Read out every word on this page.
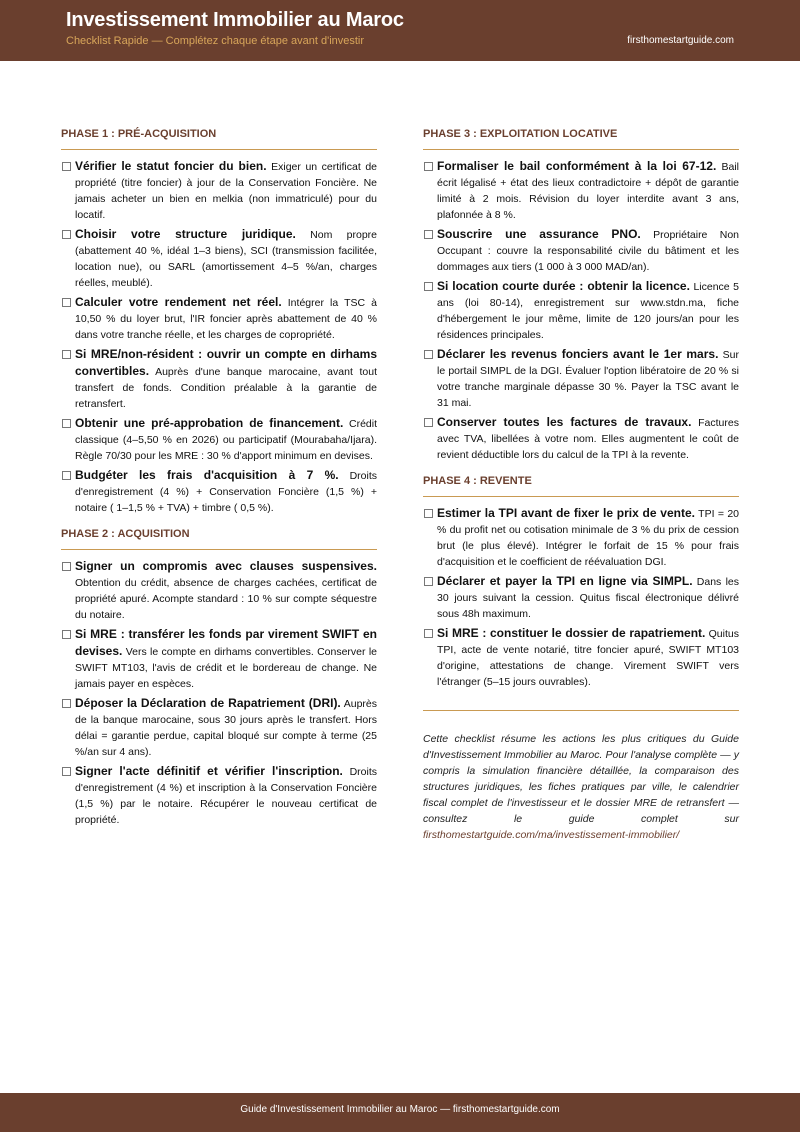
Investissement Immobilier au Maroc
Checklist Rapide — Complétez chaque étape avant d'investir	firsthomestartguide.com
PHASE 1 : PRÉ-ACQUISITION
Vérifier le statut foncier du bien. Exiger un certificat de propriété (titre foncier) à jour de la Conservation Foncière. Ne jamais acheter un bien en melkia (non immatriculé) pour du locatif.
Choisir votre structure juridique. Nom propre (abattement 40 %, idéal 1–3 biens), SCI (transmission facilitée, location nue), ou SARL (amortissement 4–5 %/an, charges réelles, meublé).
Calculer votre rendement net réel. Intégrer la TSC à 10,50 % du loyer brut, l'IR foncier après abattement de 40 % dans votre tranche réelle, et les charges de copropriété.
Si MRE/non-résident : ouvrir un compte en dirhams convertibles. Auprès d'une banque marocaine, avant tout transfert de fonds. Condition préalable à la garantie de retransfert.
Obtenir une pré-approbation de financement. Crédit classique (4–5,50 % en 2026) ou participatif (Mourabaha/Ijara). Règle 70/30 pour les MRE : 30 % d'apport minimum en devises.
Budgéter les frais d'acquisition à 7 %. Droits d'enregistrement (4 %) + Conservation Foncière (1,5 %) + notaire ( 1–1,5 % + TVA) + timbre ( 0,5 %).
PHASE 2 : ACQUISITION
Signer un compromis avec clauses suspensives. Obtention du crédit, absence de charges cachées, certificat de propriété apuré. Acompte standard : 10 % sur compte séquestre du notaire.
Si MRE : transférer les fonds par virement SWIFT en devises. Vers le compte en dirhams convertibles. Conserver le SWIFT MT103, l'avis de crédit et le bordereau de change. Ne jamais payer en espèces.
Déposer la Déclaration de Rapatriement (DRI). Auprès de la banque marocaine, sous 30 jours après le transfert. Hors délai = garantie perdue, capital bloqué sur compte à terme (25 %/an sur 4 ans).
Signer l'acte définitif et vérifier l'inscription. Droits d'enregistrement (4 %) et inscription à la Conservation Foncière (1,5 %) par le notaire. Récupérer le nouveau certificat de propriété.
PHASE 3 : EXPLOITATION LOCATIVE
Formaliser le bail conformément à la loi 67-12. Bail écrit légalisé + état des lieux contradictoire + dépôt de garantie limité à 2 mois. Révision du loyer interdite avant 3 ans, plafonnée à 8 %.
Souscrire une assurance PNO. Propriétaire Non Occupant : couvre la responsabilité civile du bâtiment et les dommages aux tiers (1 000 à 3 000 MAD/an).
Si location courte durée : obtenir la licence. Licence 5 ans (loi 80-14), enregistrement sur www.stdn.ma, fiche d'hébergement le jour même, limite de 120 jours/an pour les résidences principales.
Déclarer les revenus fonciers avant le 1er mars. Sur le portail SIMPL de la DGI. Évaluer l'option libératoire de 20 % si votre tranche marginale dépasse 30 %. Payer la TSC avant le 31 mai.
Conserver toutes les factures de travaux. Factures avec TVA, libellées à votre nom. Elles augmentent le coût de revient déductible lors du calcul de la TPI à la revente.
PHASE 4 : REVENTE
Estimer la TPI avant de fixer le prix de vente. TPI = 20 % du profit net ou cotisation minimale de 3 % du prix de cession brut (le plus élevé). Intégrer le forfait de 15 % pour frais d'acquisition et le coefficient de réévaluation DGI.
Déclarer et payer la TPI en ligne via SIMPL. Dans les 30 jours suivant la cession. Quitus fiscal électronique délivré sous 48h maximum.
Si MRE : constituer le dossier de rapatriement. Quitus TPI, acte de vente notarié, titre foncier apuré, SWIFT MT103 d'origine, attestations de change. Virement SWIFT vers l'étranger (5–15 jours ouvrables).
Cette checklist résume les actions les plus critiques du Guide d'Investissement Immobilier au Maroc. Pour l'analyse complète — y compris la simulation financière détaillée, la comparaison des structures juridiques, les fiches pratiques par ville, le calendrier fiscal complet de l'investisseur et le dossier MRE de retransfert — consultez le guide complet sur firsthomestartguide.com/ma/investissement-immobilier/
Guide d'Investissement Immobilier au Maroc — firsthomestartguide.com
